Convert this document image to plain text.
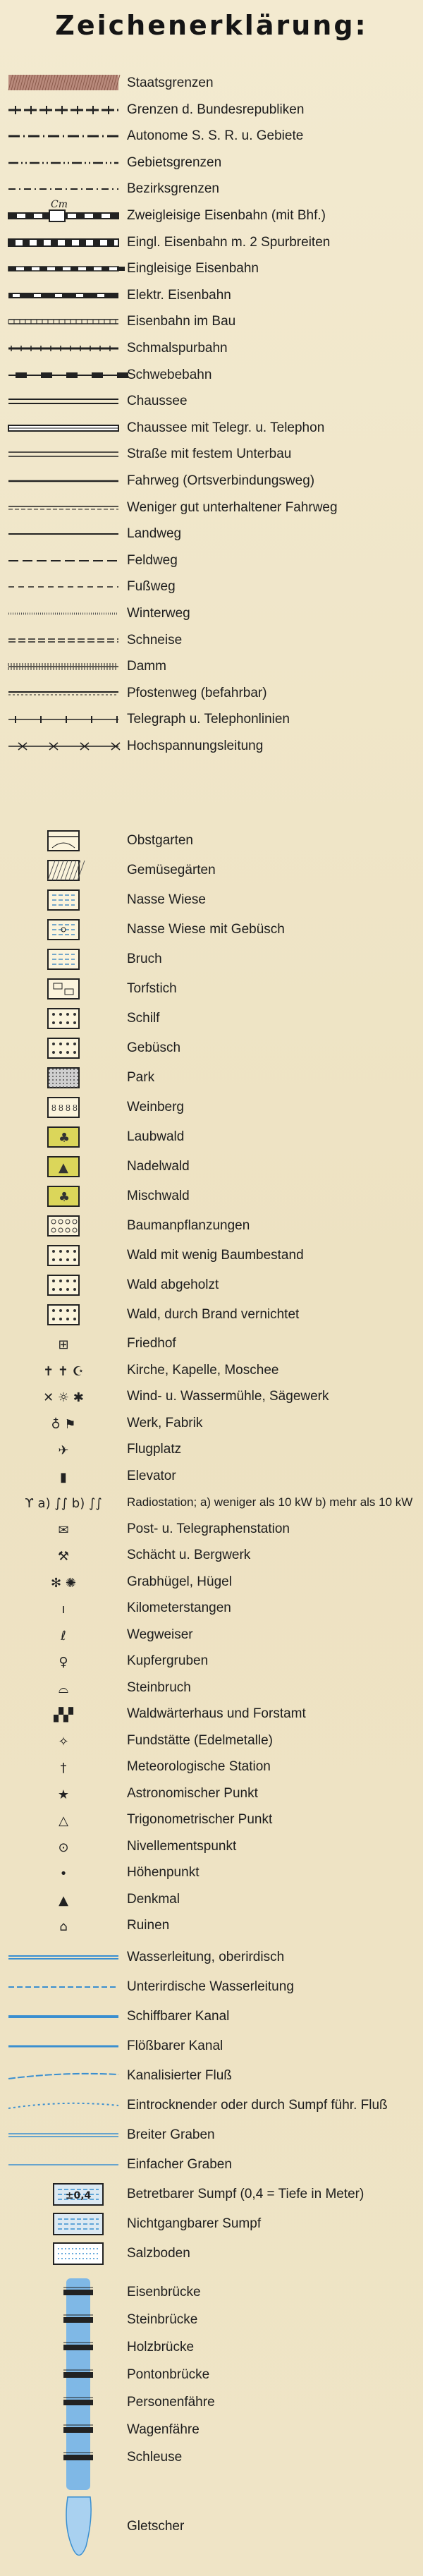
Zeichenerklärung:
Cm
ȣ ȣ ȣ ȣ
♣
▲
♣
⊞
✝ ✝ ☪
✕ ☼ ✱
♁ ⚑
✈
▮
ϒ a) ∫∫ b) ∫∫
✉
⚒
✻ ✺
ı
ℓ
♀
⌓
▞▞
✧
†
★
△
⊙
•
▲
⌂
±0,4
Staatsgrenzen
Grenzen d. Bundesrepubliken
Autonome S. S. R. u. Gebiete
Gebietsgrenzen
Bezirksgrenzen
Zweigleisige Eisenbahn (mit Bhf.)
Eingl. Eisenbahn m. 2 Spurbreiten
Eingleisige Eisenbahn
Elektr. Eisenbahn
Eisenbahn im Bau
Schmalspurbahn
Schwebebahn
Chaussee
Chaussee mit Telegr. u. Telephon
Straße mit festem Unterbau
Fahrweg (Ortsverbindungsweg)
Weniger gut unterhaltener Fahrweg
Landweg
Feldweg
Fußweg
Winterweg
Schneise
Damm
Pfostenweg (befahrbar)
Telegraph u. Telephonlinien
Hochspannungsleitung
Obstgarten
Gemüsegärten
Nasse Wiese
Nasse Wiese mit Gebüsch
Bruch
Torfstich
Schilf
Gebüsch
Park
Weinberg
Laubwald
Nadelwald
Mischwald
Baumanpflanzungen
Wald mit wenig Baumbestand
Wald abgeholzt
Wald, durch Brand vernichtet
Friedhof
Kirche, Kapelle, Moschee
Wind- u. Wassermühle, Sägewerk
Werk, Fabrik
Flugplatz
Elevator
Radiostation; a) weniger als 10 kW b) mehr als 10 kW
Post- u. Telegraphenstation
Schächt u. Bergwerk
Grabhügel, Hügel
Kilometerstangen
Wegweiser
Kupfergruben
Steinbruch
Waldwärterhaus und Forstamt
Fundstätte (Edelmetalle)
Meteorologische Station
Astronomischer Punkt
Trigonometrischer Punkt
Nivellementspunkt
Höhenpunkt
Denkmal
Ruinen
Wasserleitung, oberirdisch
Unterirdische Wasserleitung
Schiffbarer Kanal
Flößbarer Kanal
Kanalisierter Fluß
Eintrocknender oder durch Sumpf führ. Fluß
Breiter Graben
Einfacher Graben
Betretbarer Sumpf (0,4 = Tiefe in Meter)
Nichtgangbarer Sumpf
Salzboden
Eisenbrücke
Steinbrücke
Holzbrücke
Pontonbrücke
Personenfähre
Wagenfähre
Schleuse
Gletscher
